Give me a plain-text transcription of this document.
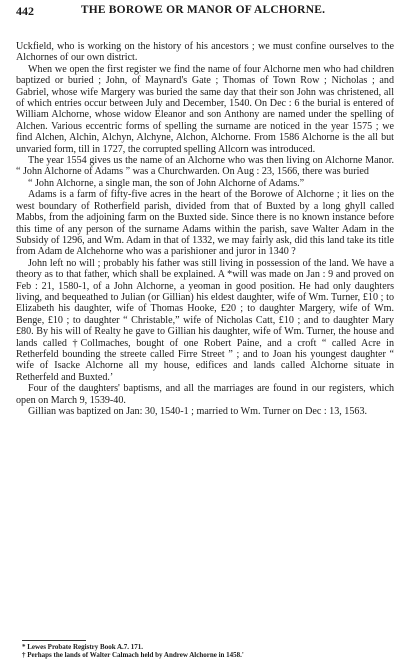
442	THE BOROWE OR MANOR OF ALCHORNE.

Uckfield, who is working on the history of his ancestors ; we must confine ourselves to the Alchornes of our own district.

When we open the first register we find the name of four Alchorne men who had children baptized or buried ; John, of Maynard's Gate ; Thomas of Town Row ; Nicholas ; and Gabriel, whose wife Margery was buried the same day that their son John was christened, all of which entries occur between July and December, 1540. On Dec : 6 the burial is entered of William Alchorne, whose widow Eleanor and son Anthony are named under the spelling of Alchen. Various eccentric forms of spelling the surname are noticed in the year 1575 ; we find Alchen, Alchin, Alchyn, Alchyne, Alchon, Alchorne. From 1586 Alchorne is the all but unvaried form, till in 1727, the corrupted spelling Allcorn was introduced.

The year 1554 gives us the name of an Alchorne who was then living on Alchorne Manor. “ John Alchorne of Adams ” was a Churchwarden. On Aug : 23, 1566, there was buried

“ John Alchorne, a single man, the son of John Alchorne of Adams.”

Adams is a farm of fifty-five acres in the heart of the Borowe of Alchorne ; it lies on the west boundary of Rotherfield parish, divided from that of Buxted by a long ghyll called Mabbs, from the adjoining farm on the Buxted side. Since there is no known instance before this time of any person of the surname Adams within the parish, save Walter Adam in the Subsidy of 1296, and Wm. Adam in that of 1332, we may fairly ask, did this land take its title from Adam de Alchehorne who was a parishioner and juror in 1340 ?

John left no will ; probably his father was still living in possession of the land. We have a theory as to that father, which shall be explained. A *will was made on Jan : 9 and proved on Feb : 21, 1580-1, of a John Alchorne, a yeoman in good position. He had only daughters living, and bequeathed to Julian (or Gillian) his eldest daughter, wife of Wm. Turner, £10 ; to Elizabeth his daughter, wife of Thomas Hooke, £20 ; to daughter Margery, wife of Wm. Benge, £10 ; to daughter “ Christable,” wife of Nicholas Catt, £10 ; and to daughter Mary £80. By his will of Realty he gave to Gillian his daughter, wife of Wm. Turner, the house and lands called †Collmaches, bought of one Robert Paine, and a croft “ called Acre in Retherfeld bounding the streete called Firre Street ” ; and to Joan his youngest daughter “ wife of Isacke Alchorne all my house, edifices and lands called Alchorne situate in Retherfeld and Buxted.’

Four of the daughters' baptisms, and all the marriages are found in our registers, which open on March 9, 1539-40.

Gillian was baptized on Jan: 30, 1540-1 ; married to Wm. Turner on Dec : 13, 1563.

* Lewes Probate Registry Book A.7. 171.
† Perhaps the lands of Walter Calmach held by Andrew Alchorne in 1458.'
